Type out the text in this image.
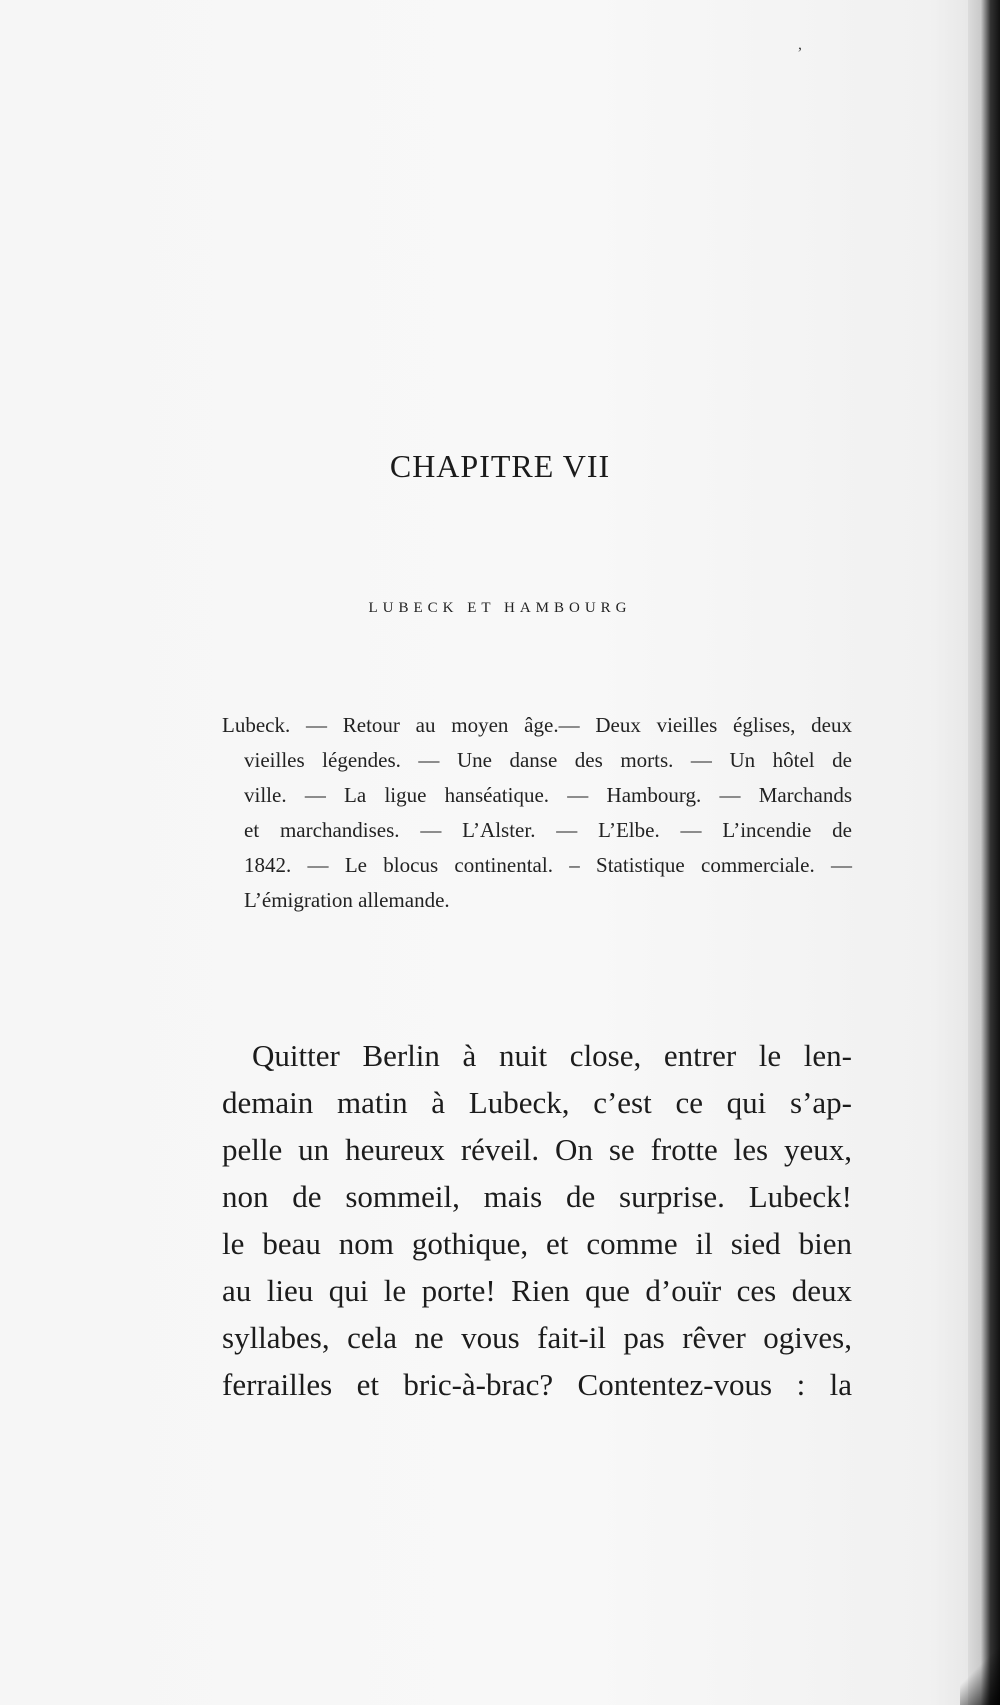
,
CHAPITRE VII
LUBECK ET HAMBOURG
Lubeck. — Retour au moyen âge.— Deux vieilles églises, deux
vieilles légendes. — Une danse des morts. — Un hôtel de
ville. — La ligue hanséatique. — Hambourg. — Marchands
et marchandises. — L’Alster. — L’Elbe. — L’incendie de
1842. — Le blocus continental. – Statistique commerciale. —
L’émigration allemande.
Quitter Berlin à nuit close, entrer le len-
demain matin à Lubeck, c’est ce qui s’ap-
pelle un heureux réveil. On se frotte les yeux,
non de sommeil, mais de surprise. Lubeck!
le beau nom gothique, et comme il sied bien
au lieu qui le porte! Rien que d’ouïr ces deux
syllabes, cela ne vous fait-il pas rêver ogives,
ferrailles et bric-à-brac? Contentez-vous : la
